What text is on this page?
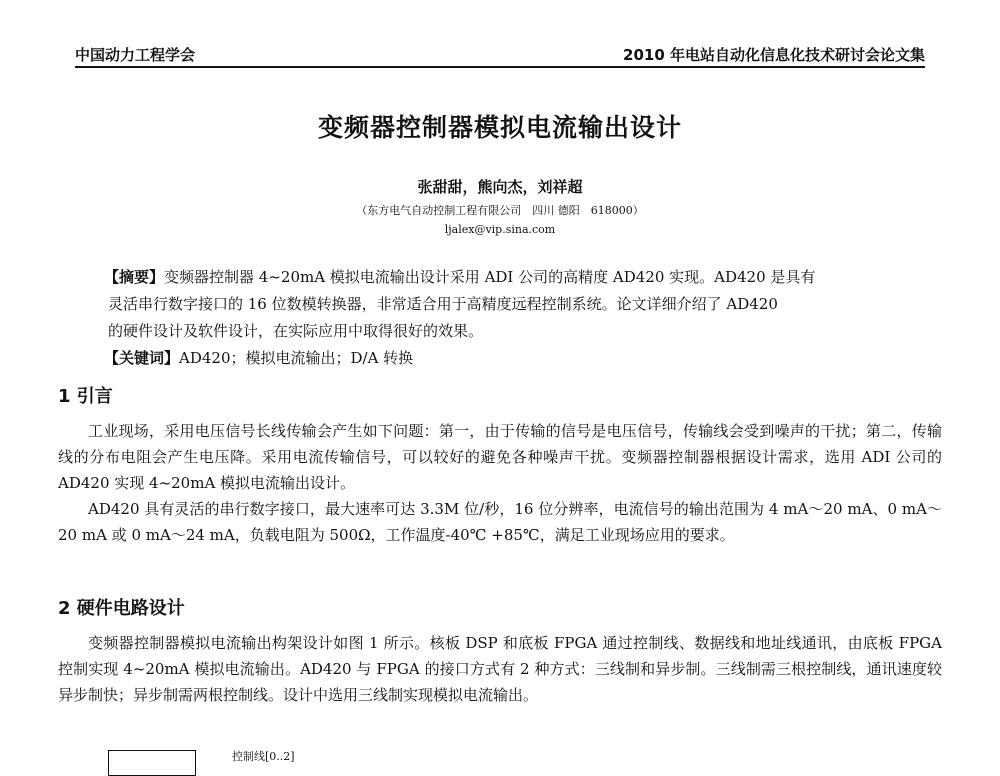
中国动力工程学会	2010 年电站自动化信息化技术研讨会论文集
变频器控制器模拟电流输出设计
张甜甜，熊向杰，刘祥超
（东方电气自动控制工程有限公司　四川 德阳　618000）
ljalex@vip.sina.com

【摘要】变频器控制器 4~20mA 模拟电流输出设计采用 ADI 公司的高精度 AD420 实现。AD420 是具有

灵活串行数字接口的 16 位数模转换器，非常适合用于高精度远程控制系统。论文详细介绍了 AD420

的硬件设计及软件设计，在实际应用中取得很好的效果。

【关键词】AD420；模拟电流输出；D/A 转换

1 引言

工业现场，采用电压信号长线传输会产生如下问题：第一，由于传输的信号是电压信号，传输线会受到噪声的干扰；第二，传输线的分布电阻会产生电压降。采用电流传输信号，可以较好的避免各种噪声干扰。变频器控制器根据设计需求，选用 ADI 公司的 AD420 实现 4~20mA 模拟电流输出设计。

AD420 具有灵活的串行数字接口，最大速率可达 3.3M 位/秒，16 位分辨率，电流信号的输出范围为 4 mA～20 mA、0 mA～20 mA 或 0 mA～24 mA，负载电阻为 500Ω，工作温度-40℃ +85℃，满足工业现场应用的要求。

2 硬件电路设计

变频器控制器模拟电流输出构架设计如图 1 所示。核板 DSP 和底板 FPGA 通过控制线、数据线和地址线通讯，由底板 FPGA 控制实现 4~20mA 模拟电流输出。AD420 与 FPGA 的接口方式有 2 种方式：三线制和异步制。三线制需三根控制线，通讯速度较异步制快；异步制需两根控制线。设计中选用三线制实现模拟电流输出。

控制线[0..2]
